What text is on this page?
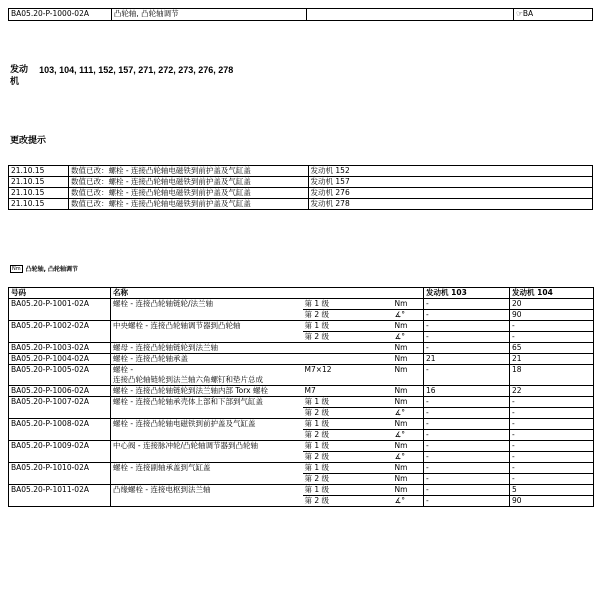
BA05.20-P-1000-02A	凸轮轴, 凸轮轴调节		☞BA
发动机 103, 104, 111, 152, 157, 271, 272, 273, 276, 278
更改提示
21.10.15	数值已改：螺栓 - 连接凸轮轴电磁铁到前护盖及气缸盖	发动机 152
21.10.15	数值已改：螺栓 - 连接凸轮轴电磁铁到前护盖及气缸盖	发动机 157
21.10.15	数值已改：螺栓 - 连接凸轮轴电磁铁到前护盖及气缸盖	发动机 276
21.10.15	数值已改：螺栓 - 连接凸轮轴电磁铁到前护盖及气缸盖	发动机 278
Nm 凸轮轴, 凸轮轴调节
号码	名称			发动机 103	发动机 104
BA05.20-P-1001-02A	螺栓 - 连接凸轮轴链轮/法兰轴	第 1 级	Nm	-	20
		第 2 级	∡°	-	90
BA05.20-P-1002-02A	中央螺栓 - 连接凸轮轴调节器到凸轮轴	第 1 级	Nm	-	-
		第 2 级	∡°	-	-
BA05.20-P-1003-02A	螺母 - 连接凸轮轴链轮到法兰轴		Nm	-	65
BA05.20-P-1004-02A	螺栓 - 连接凸轮轴承盖		Nm	21	21
BA05.20-P-1005-02A	螺栓 -
连接凸轮轴链轮到法兰轴六角螺钉和垫片总成	M7×12	Nm	-	18
BA05.20-P-1006-02A	螺栓 - 连接凸轮轴链轮到法兰轴内部 Torx 螺栓	M7	Nm	16	22
BA05.20-P-1007-02A	螺栓 - 连接凸轮轴承壳体上部和下部到气缸盖	第 1 级	Nm	-	-
		第 2 级	∡°	-	-
BA05.20-P-1008-02A	螺栓 - 连接凸轮轴电磁铁到前护盖及气缸盖	第 1 级	Nm	-	-
		第 2 级	∡°	-	-
BA05.20-P-1009-02A	中心阀 - 连接脉冲轮/凸轮轴调节器到凸轮轴	第 1 级	Nm	-	-
		第 2 级	∡°	-	-
BA05.20-P-1010-02A	螺栓 - 连接副轴承盖到气缸盖	第 1 级	Nm	-	-
		第 2 级	Nm	-	-
BA05.20-P-1011-02A	凸缘螺栓 - 连接电枢到法兰轴	第 1 级	Nm	-	5
		第 2 级	∡°	-	90
